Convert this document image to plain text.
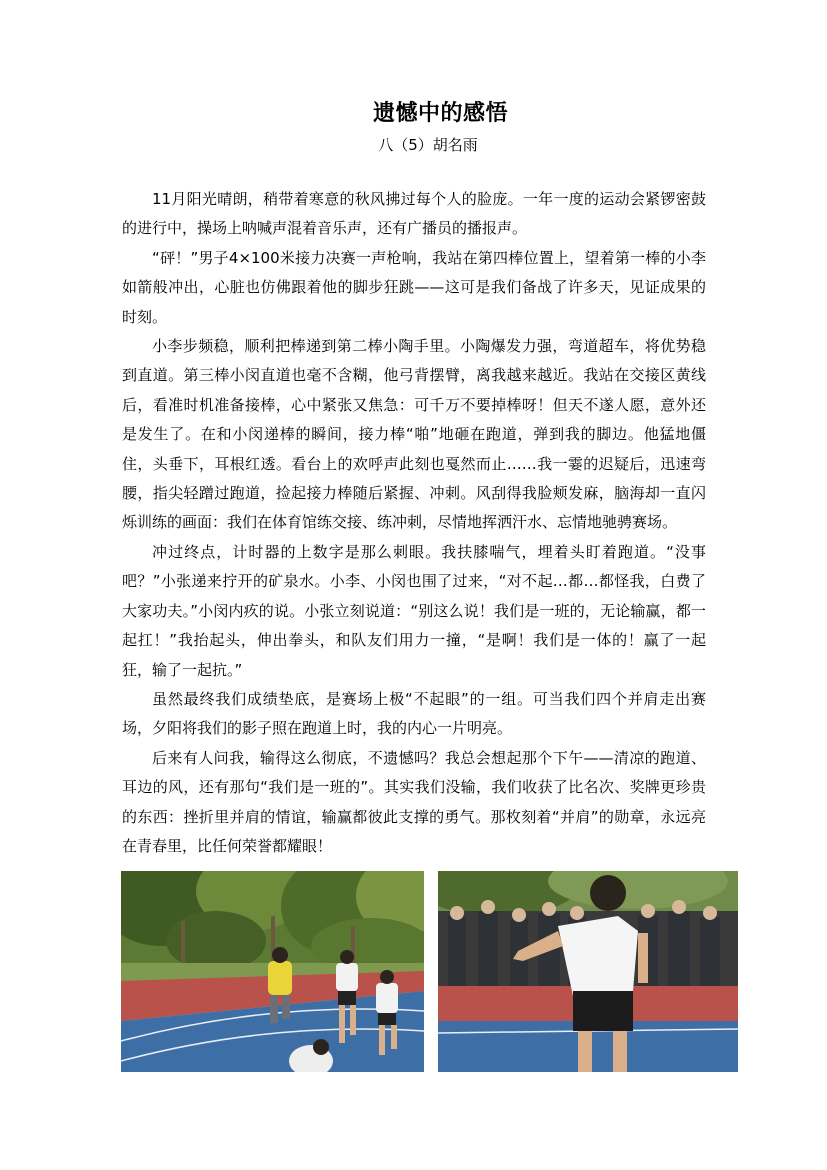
遗憾中的感悟
八（5）胡名雨

11月阳光晴朗，稍带着寒意的秋风拂过每个人的脸庞。一年一度的运动会紧锣密鼓的进行中，操场上呐喊声混着音乐声，还有广播员的播报声。

“砰！”男子4×100米接力决赛一声枪响，我站在第四棒位置上，望着第一棒的小李如箭般冲出，心脏也仿佛跟着他的脚步狂跳——这可是我们备战了许多天，见证成果的时刻。

小李步频稳，顺利把棒递到第二棒小陶手里。小陶爆发力强，弯道超车，将优势稳到直道。第三棒小闵直道也毫不含糊，他弓背摆臂，离我越来越近。我站在交接区黄线后，看准时机准备接棒，心中紧张又焦急：可千万不要掉棒呀！但天不遂人愿，意外还是发生了。在和小闵递棒的瞬间，接力棒“啪”地砸在跑道，弹到我的脚边。他猛地僵住，头垂下，耳根红透。看台上的欢呼声此刻也戛然而止……我一霎的迟疑后，迅速弯腰，指尖轻蹭过跑道，捡起接力棒随后紧握、冲刺。风刮得我脸颊发麻，脑海却一直闪烁训练的画面：我们在体育馆练交接、练冲刺，尽情地挥洒汗水、忘情地驰骋赛场。

冲过终点，计时器的上数字是那么刺眼。我扶膝喘气，埋着头盯着跑道。“没事吧？”小张递来拧开的矿泉水。小李、小闵也围了过来，“对不起…都…都怪我，白费了大家功夫。”小闵内疚的说。小张立刻说道：“别这么说！我们是一班的，无论输赢，都一起扛！”我抬起头，伸出拳头，和队友们用力一撞，“是啊！我们是一体的！赢了一起狂，输了一起抗。”

虽然最终我们成绩垫底，是赛场上极“不起眼”的一组。可当我们四个并肩走出赛场，夕阳将我们的影子照在跑道上时，我的内心一片明亮。

后来有人问我，输得这么彻底，不遗憾吗？我总会想起那个下午——清凉的跑道、耳边的风，还有那句“我们是一班的”。其实我们没输，我们收获了比名次、奖牌更珍贵的东西：挫折里并肩的情谊，输赢都彼此支撑的勇气。那枚刻着“并肩”的勋章，永远亮在青春里，比任何荣誉都耀眼！
